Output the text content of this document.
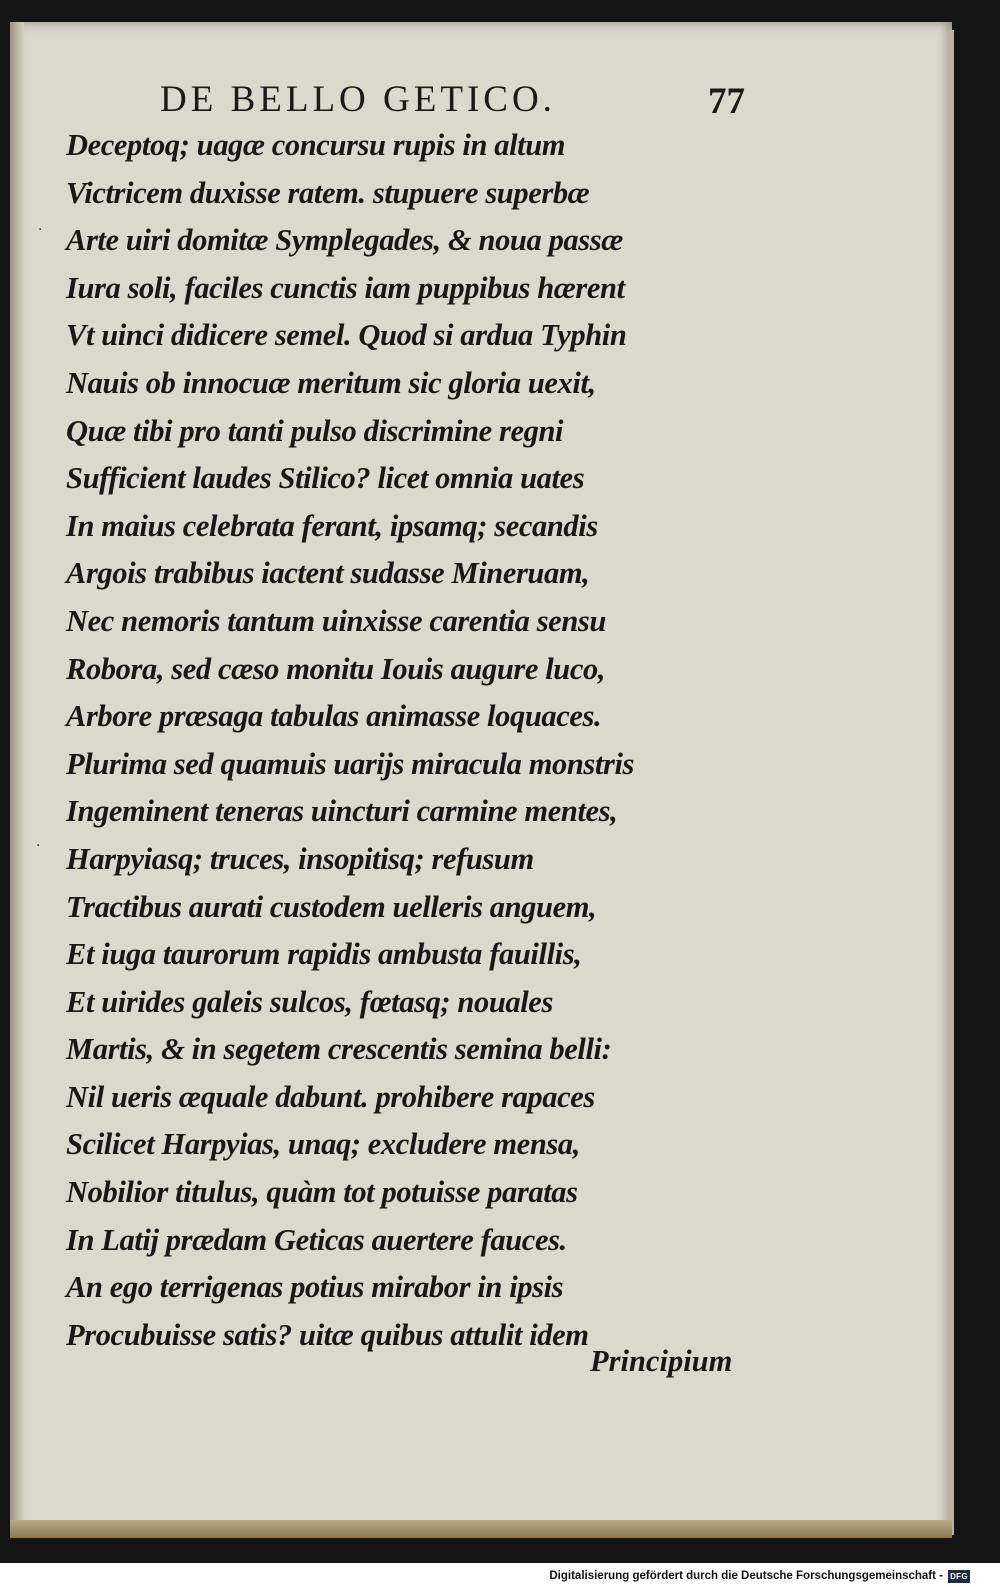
DE BELLO GETICO.	77
·
·
Deceptoq; uagæ concursu rupis in altum
Victricem duxisse ratem. stupuere superbæ
Arte uiri domitæ Symplegades, & noua passæ
Iura soli, faciles cunctis iam puppibus hærent
Vt uinci didicere semel. Quod si ardua Typhin
Nauis ob innocuæ meritum sic gloria uexit,
Quæ tibi pro tanti pulso discrimine regni
Sufficient laudes Stilico? licet omnia uates
In maius celebrata ferant, ipsamq; secandis
Argois trabibus iactent sudasse Mineruam,
Nec nemoris tantum uinxisse carentia sensu
Robora, sed cæso monitu Iouis augure luco,
Arbore præsaga tabulas animasse loquaces.
Plurima sed quamuis uarijs miracula monstris
Ingeminent teneras uincturi carmine mentes,
Harpyiasq; truces, insopitisq; refusum
Tractibus aurati custodem uelleris anguem,
Et iuga taurorum rapidis ambusta fauillis,
Et uirides galeis sulcos, fœtasq; nouales
Martis, & in segetem crescentis semina belli:
Nil ueris æquale dabunt. prohibere rapaces
Scilicet Harpyias, unaq; excludere mensa,
Nobilior titulus, quàm tot potuisse paratas
In Latij prædam Geticas auertere fauces.
An ego terrigenas potius mirabor in ipsis
Procubuisse satis? uitæ quibus attulit idem
Principium
Digitalisierung gefördert durch die Deutsche Forschungsgemeinschaft - DFG
